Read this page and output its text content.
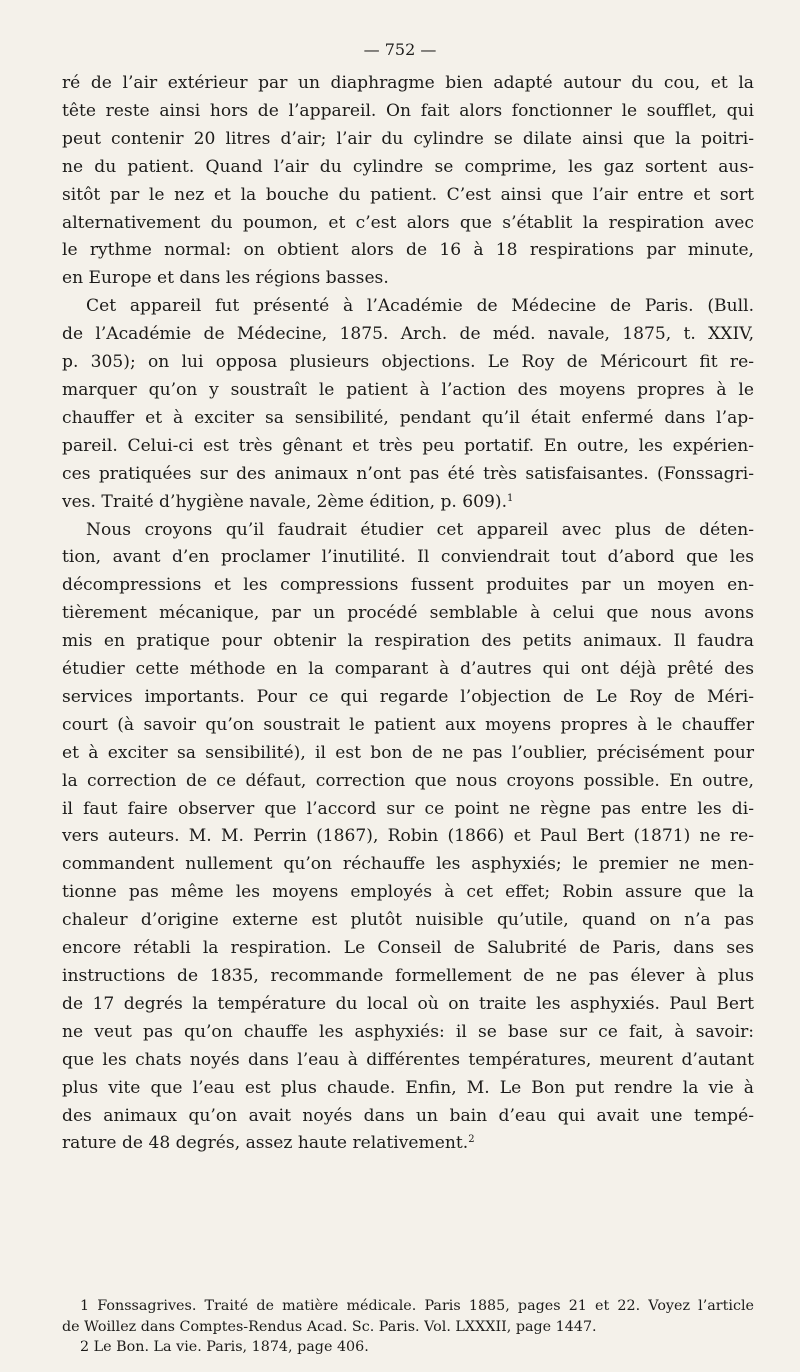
— 752 —
ré de l’air extérieur par un diaphragme bien adapté autour du cou, et la
tête reste ainsi hors de l’appareil. On fait alors fonctionner le soufflet, qui
peut contenir 20 litres d’air; l’air du cylindre se dilate ainsi que la poitri-
ne du patient. Quand l’air du cylindre se comprime, les gaz sortent aus-
sitôt par le nez et la bouche du patient. C’est ainsi que l’air entre et sort
alternativement du poumon, et c’est alors que s’établit la respiration avec
le rythme normal: on obtient alors de 16 à 18 respirations par minute,
en Europe et dans les régions basses.
Cet appareil fut présenté à l’Académie de Médecine de Paris. (Bull.
de l’Académie de Médecine, 1875. Arch. de méd. navale, 1875, t. XXIV,
p. 305); on lui opposa plusieurs objections. Le Roy de Méricourt fit re-
marquer qu’on y soustraît le patient à l’action des moyens propres à le
chauffer et à exciter sa sensibilité, pendant qu’il était enfermé dans l’ap-
pareil. Celui-ci est très gênant et très peu portatif. En outre, les expérien-
ces pratiquées sur des animaux n’ont pas été très satisfaisantes. (Fonssagri-
ves. Traité d’hygiène navale, 2ème édition, p. 609).$^1$
Nous croyons qu’il faudrait étudier cet appareil avec plus de déten-
tion, avant d’en proclamer l’inutilité. Il conviendrait tout d’abord que les
décompressions et les compressions fussent produites par un moyen en-
tièrement mécanique, par un procédé semblable à celui que nous avons
mis en pratique pour obtenir la respiration des petits animaux. Il faudra
étudier cette méthode en la comparant à d’autres qui ont déjà prêté des
services importants. Pour ce qui regarde l’objection de Le Roy de Méri-
court (à savoir qu’on soustrait le patient aux moyens propres à le chauffer
et à exciter sa sensibilité), il est bon de ne pas l’oublier, précisément pour
la correction de ce défaut, correction que nous croyons possible. En outre,
il faut faire observer que l’accord sur ce point ne règne pas entre les di-
vers auteurs. M. M. Perrin (1867), Robin (1866) et Paul Bert (1871) ne re-
commandent nullement qu’on réchauffe les asphyxiés; le premier ne men-
tionne pas même les moyens employés à cet effet; Robin assure que la
chaleur d’origine externe est plutôt nuisible qu’utile, quand on n’a pas
encore rétabli la respiration. Le Conseil de Salubrité de Paris, dans ses
instructions de 1835, recommande formellement de ne pas élever à plus
de 17 degrés la température du local où on traite les asphyxiés. Paul Bert
ne veut pas qu’on chauffe les asphyxiés: il se base sur ce fait, à savoir:
que les chats noyés dans l’eau à différentes températures, meurent d’autant
plus vite que l’eau est plus chaude. Enfin, M. Le Bon put rendre la vie à
des animaux qu’on avait noyés dans un bain d’eau qui avait une tempé-
rature de 48 degrés, assez haute relativement.$^2$
1 Fonssagrives. Traité de matière médicale. Paris 1885, pages 21 et 22. Voyez l’article
de Woillez dans Comptes-Rendus Acad. Sc. Paris. Vol. LXXXII, page 1447.
2 Le Bon. La vie. Paris, 1874, page 406.
